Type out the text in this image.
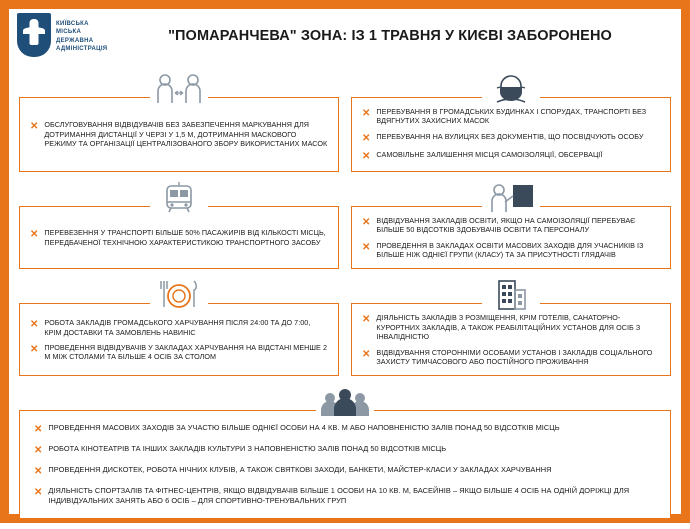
КИЇВСЬКА
МІСЬКА
ДЕРЖАВНА
АДМІНІСТРАЦІЯ
"ПОМАРАНЧЕВА" ЗОНА: ІЗ 1 ТРАВНЯ У КИЄВІ ЗАБОРОНЕНО
✕ ОБСЛУГОВУВАННЯ ВІДВІДУВАЧІВ БЕЗ ЗАБЕЗПЕЧЕННЯ МАРКУВАННЯ ДЛЯ ДОТРИМАННЯ ДИСТАНЦІЇ У ЧЕРЗІ У 1,5 М, ДОТРИМАННЯ МАСКОВОГО РЕЖИМУ ТА ОРГАНІЗАЦІЇ ЦЕНТРАЛІЗОВАНОГО ЗБОРУ ВИКОРИСТАНИХ МАСОК
✕ ПЕРЕБУВАННЯ В ГРОМАДСЬКИХ БУДИНКАХ І СПОРУДАХ, ТРАНСПОРТІ БЕЗ ВДЯГНУТИХ ЗАХИСНИХ МАСОК
✕ ПЕРЕБУВАННЯ НА ВУЛИЦЯХ БЕЗ ДОКУМЕНТІВ, ЩО ПОСВІДЧУЮТЬ ОСОБУ
✕ САМОВІЛЬНЕ ЗАЛИШЕННЯ МІСЦЯ САМОІЗОЛЯЦІЇ, ОБСЕРВАЦІЇ
✕ ПЕРЕВЕЗЕННЯ У ТРАНСПОРТІ БІЛЬШЕ 50% ПАСАЖИРІВ ВІД КІЛЬКОСТІ МІСЦЬ, ПЕРЕДБАЧЕНОЇ ТЕХНІЧНОЮ ХАРАКТЕРИСТИКОЮ ТРАНСПОРТНОГО ЗАСОБУ
✕ ВІДВІДУВАННЯ ЗАКЛАДІВ ОСВІТИ, ЯКЩО НА САМОІЗОЛЯЦІЇ ПЕРЕБУВАЄ БІЛЬШЕ 50 ВІДСОТКІВ ЗДОБУВАЧІВ ОСВІТИ ТА ПЕРСОНАЛУ
✕ ПРОВЕДЕННЯ В ЗАКЛАДАХ ОСВІТИ МАСОВИХ ЗАХОДІВ ДЛЯ УЧАСНИКІВ ІЗ БІЛЬШЕ НІЖ ОДНІЄЇ ГРУПИ (КЛАСУ) ТА ЗА ПРИСУТНОСТІ ГЛЯДАЧІВ
✕ РОБОТА ЗАКЛАДІВ ГРОМАДСЬКОГО ХАРЧУВАННЯ ПІСЛЯ 24:00 ТА ДО 7:00, КРІМ ДОСТАВКИ ТА ЗАМОВЛЕНЬ НАВИНІС
✕ ПРОВЕДЕННЯ ВІДВІДУВАЧІВ У ЗАКЛАДАХ ХАРЧУВАННЯ НА ВІДСТАНІ МЕНШЕ 2 М МІЖ СТОЛАМИ ТА БІЛЬШЕ 4 ОСІБ ЗА СТОЛОМ
✕ ДІЯЛЬНІСТЬ ЗАКЛАДІВ З РОЗМІЩЕННЯ, КРІМ ГОТЕЛІВ, САНАТОРНО-КУРОРТНИХ ЗАКЛАДІВ, А ТАКОЖ РЕАБІЛІТАЦІЙНИХ УСТАНОВ ДЛЯ ОСІБ З ІНВАЛІДНІСТЮ
✕ ВІДВІДУВАННЯ СТОРОННІМИ ОСОБАМИ УСТАНОВ І ЗАКЛАДІВ СОЦІАЛЬНОГО ЗАХИСТУ ТИМЧАСОВОГО АБО ПОСТІЙНОГО ПРОЖИВАННЯ
✕ ПРОВЕДЕННЯ МАСОВИХ ЗАХОДІВ ЗА УЧАСТЮ БІЛЬШЕ ОДНІЄЇ ОСОБИ НА 4 КВ. М АБО НАПОВНЕНІСТЮ ЗАЛІВ ПОНАД 50 ВІДСОТКІВ МІСЦЬ
✕ РОБОТА КІНОТЕАТРІВ ТА ІНШИХ ЗАКЛАДІВ КУЛЬТУРИ З НАПОВНЕНІСТЮ ЗАЛІВ ПОНАД 50 ВІДСОТКІВ МІСЦЬ
✕ ПРОВЕДЕННЯ ДИСКОТЕК, РОБОТА НІЧНИХ КЛУБІВ, А ТАКОЖ СВЯТКОВІ ЗАХОДИ, БАНКЕТИ, МАЙСТЕР-КЛАСИ У ЗАКЛАДАХ ХАРЧУВАННЯ
✕ ДІЯЛЬНІСТЬ СПОРТЗАЛІВ ТА ФІТНЕС-ЦЕНТРІВ, ЯКЩО ВІДВІДУВАЧІВ БІЛЬШЕ 1 ОСОБИ НА 10 КВ. М, БАСЕЙНІВ – ЯКЩО БІЛЬШЕ 4 ОСІБ НА ОДНІЙ ДОРІЖЦІ ДЛЯ ІНДИВІДУАЛЬНИХ ЗАНЯТЬ АБО 6 ОСІБ – ДЛЯ СПОРТИВНО-ТРЕНУВАЛЬНИХ ГРУП
